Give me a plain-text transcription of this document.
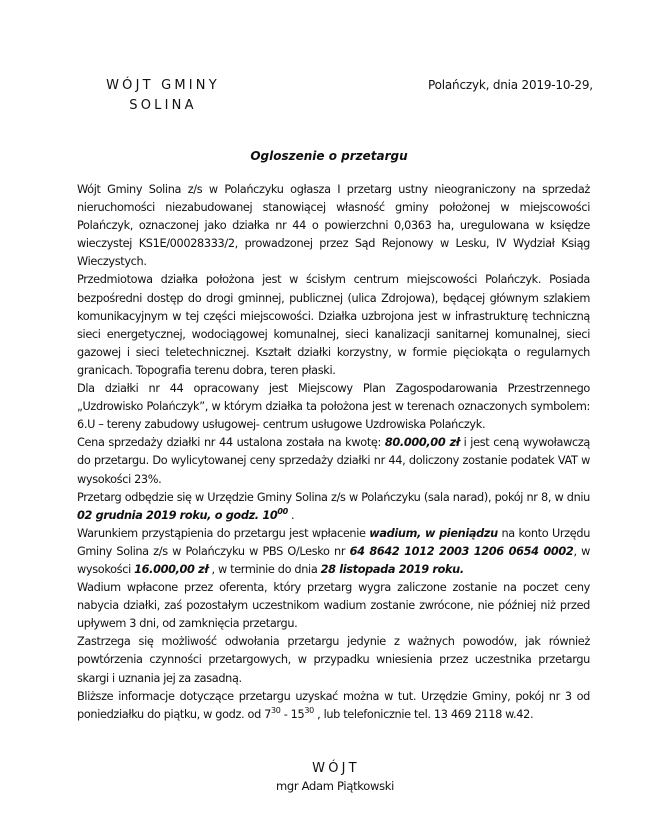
WÓJT GMINY
SOLINA
Polańczyk, dnia 2019-10-29,
Ogloszenie o przetargu

Wójt Gminy Solina z/s w Polańczyku ogłasza I przetarg ustny nieograniczony na sprzedaż nieruchomości niezabudowanej stanowiącej własność gminy położonej w miejscowości Polańczyk, oznaczonej jako działka nr 44 o powierzchni 0,0363 ha, uregulowana w księdze wieczystej KS1E/00028333/2, prowadzonej przez Sąd Rejonowy w Lesku, IV Wydział Ksiąg Wieczystych.

Przedmiotowa działka położona jest w ścisłym centrum miejscowości Polańczyk. Posiada bezpośredni dostęp do drogi gminnej, publicznej (ulica Zdrojowa), będącej głównym szlakiem komunikacyjnym w tej części miejscowości. Działka uzbrojona jest w infrastrukturę techniczną sieci energetycznej, wodociągowej komunalnej, sieci kanalizacji sanitarnej komunalnej, sieci gazowej i sieci teletechnicznej. Kształt działki korzystny, w formie pięciokąta o regularnych granicach. Topografia terenu dobra, teren płaski.

Dla działki nr 44 opracowany jest Miejscowy Plan Zagospodarowania Przestrzennego „Uzdrowisko Polańczyk”, w którym działka ta położona jest w terenach oznaczonych symbolem: 6.U – tereny zabudowy usługowej- centrum usługowe Uzdrowiska Polańczyk.

Cena sprzedaży działki nr 44 ustalona została na kwotę: 80.000,00 zł i jest ceną wywoławczą do przetargu. Do wylicytowanej ceny sprzedaży działki nr 44, doliczony zostanie podatek VAT w wysokości 23%.

Przetarg odbędzie się w Urzędzie Gminy Solina z/s w Polańczyku (sala narad), pokój nr 8, w dniu 02 grudnia 2019 roku, o godz. $10^{00}$ .

Warunkiem przystąpienia do przetargu jest wpłacenie wadium, w pieniądzu na konto Urzędu Gminy Solina z/s w Polańczyku w PBS O/Lesko nr 64 8642 1012 2003 1206 0654 0002, w wysokości 16.000,00 zł , w terminie do dnia 28 listopada 2019 roku.

Wadium wpłacone przez oferenta, który przetarg wygra zaliczone zostanie na poczet ceny nabycia działki, zaś pozostałym uczestnikom wadium zostanie zwrócone, nie później niż przed upływem 3 dni, od zamknięcia przetargu.

Zastrzega się możliwość odwołania przetargu jedynie z ważnych powodów, jak również powtórzenia czynności przetargowych, w przypadku wniesienia przez uczestnika przetargu skargi i uznania jej za zasadną.

Bliższe informacje dotyczące przetargu uzyskać można w tut. Urzędzie Gminy, pokój nr 3 od poniedziałku do piątku, w godz. od $7^{30} - 15^{30}$ , lub telefonicznie tel. 13 469 2118 w.42.

WÓJT
mgr Adam Piątkowski
